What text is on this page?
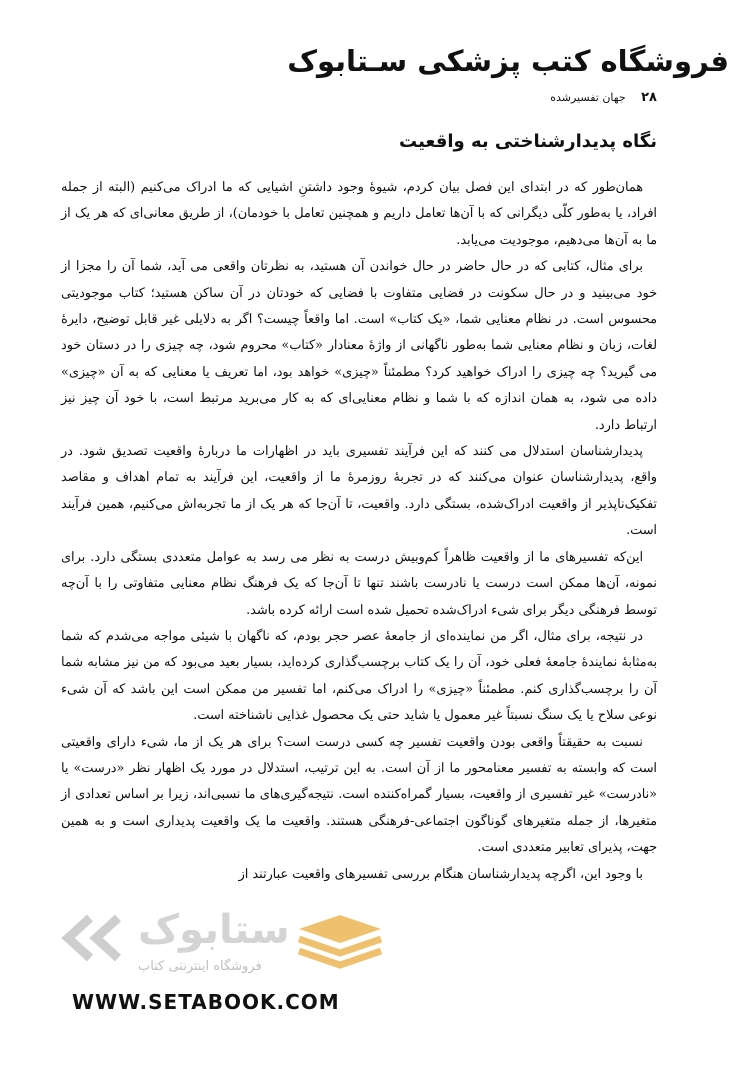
فروشگاه کتب پزشکی سـتابوک
۲۸ جهان تفسیرشده
نگاه پدیدارشناختی به واقعیت

همان‌طور که در ابتدای این فصل بیان کردم، شیوهٔ وجود داشتنِ اشیایی که ما ادراک می‌کنیم (البته از جمله افراد، یا به‌طور کلّی دیگرانی که با آن‌ها تعامل داریم و همچنین تعامل با خودمان)، از طریق معانی‌ای که هر یک از ما به آن‌ها می‌دهیم، موجودیت می‌یابد.

برای مثال، کتابی که در حال حاضر در حال خواندن آن هستید، به نظرتان واقعی می آید، شما آن را مجزا از خود می‌بینید و در حال سکونت در فضایی متفاوت با فضایی که خودتان در آن ساکن هستید؛ کتاب موجودیتی محسوس است. در نظام معنایی شما، «یک کتاب» است. اما واقعاً چیست؟ اگر به دلایلی غیر قابل توضیح، دایرهٔ لغات، زبان و نظام معنایی شما به‌طور ناگهانی از واژهٔ معنادار «کتاب» محروم شود، چه چیزی را در دستان خود می گیرید؟ چه چیزی را ادراک خواهید کرد؟ مطمئناً «چیزی» خواهد بود، اما تعریف یا معنایی که به آن «چیزی» داده می شود، به همان اندازه که با شما و نظام معنایی‌ای که به کار می‌برید مرتبط است، با خود آن چیز نیز ارتباط دارد.

پدیدارشناسان استدلال می کنند که این فرآیند تفسیری باید در اظهارات ما دربارهٔ واقعیت تصدیق شود. در واقع، پدیدارشناسان عنوان می‌کنند که در تجربهٔ روزمرهٔ ما از واقعیت، این فرآیند به تمام اهداف و مقاصد تفکیک‌ناپذیر از واقعیت ادراک‌شده، بستگی دارد. واقعیت، تا آن‌جا که هر یک از ما تجربه‌اش می‌کنیم، همین فرآیند است.

این‌که تفسیرهای ما از واقعیت ظاهراً کم‌وبیش درست به نظر می رسد به عوامل متعددی بستگی دارد. برای نمونه، آن‌ها ممکن است درست یا نادرست باشند تنها تا آن‌جا که یک فرهنگ نظام معنایی متفاوتی را با آن‌چه توسط فرهنگی دیگر برای شیء ادراک‌شده تحمیل شده است ارائه کرده باشد.

در نتیجه، برای مثال، اگر من نماینده‌ای از جامعهٔ عصر حجر بودم، که ناگهان با شیئی مواجه می‌شدم که شما به‌مثابهٔ نمایندهٔ جامعهٔ فعلی خود، آن را یک کتاب برچسب‌گذاری کرده‌اید، بسیار بعید می‌بود که من نیز مشابه شما آن را برچسب‌گذاری کنم. مطمئناً «چیزی» را ادراک می‌کنم، اما تفسیر من ممکن است این باشد که آن شیء نوعی سلاح یا یک سنگ نسبتاً غیر معمول یا شاید حتی یک محصول غذایی ناشناخته است.

نسبت به حقیقتاً واقعی بودن واقعیت تفسیر چه کسی درست است؟ برای هر یک از ما، شیء دارای واقعیتی است که وابسته به تفسیر معنامحور ما از آن است. به این ترتیب، استدلال در مورد یک اظهار نظر «درست» یا «نادرست» غیر تفسیری از واقعیت، بسیار گمراه‌کننده است. نتیجه‌گیری‌های ما نسبی‌اند، زیرا بر اساس تعدادی از متغیرها، از جمله متغیرهای گوناگون اجتماعی-فرهنگی هستند. واقعیت ما یک واقعیت پدیداری است و به همین جهت، پذیرای تعابیر متعددی است.

با وجود این، اگرچه پدیدارشناسان هنگام بررسی تفسیرهای واقعیت عبارتند از

ستابوک
فروشگاه اینترنتی کتاب
WWW.SETABOOK.COM
